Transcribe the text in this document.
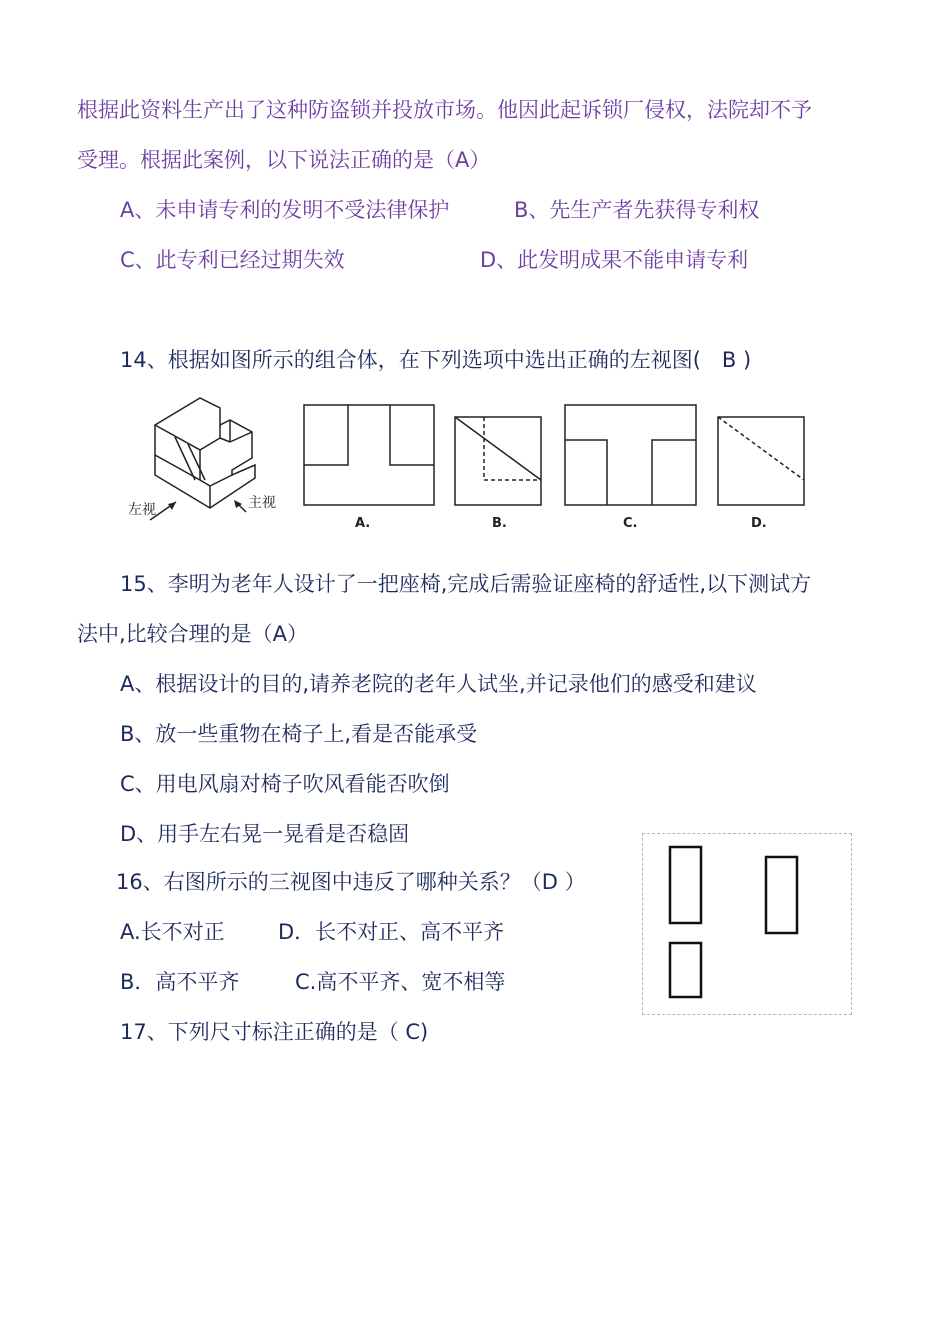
根据此资料生产出了这种防盗锁并投放市场。他因此起诉锁厂侵权，法院却不予
受理。根据此案例，以下说法正确的是（A）
A、未申请专利的发明不受法律保护	B、先生产者先获得专利权
C、此专利已经过期失效	D、此发明成果不能申请专利
14、根据如图所示的组合体，在下列选项中选出正确的左视图(　B )
左视	主视
A.	B.	C.	D.
15、李明为老年人设计了一把座椅,完成后需验证座椅的舒适性,以下测试方
法中,比较合理的是（A）
A、根据设计的目的,请养老院的老年人试坐,并记录他们的感受和建议
B、放一些重物在椅子上,看是否能承受
C、用电风扇对椅子吹风看能否吹倒
D、用手左右晃一晃看是否稳固
16、右图所示的三视图中违反了哪种关系？（D ）
A.长不对正	D．长不对正、高不平齐
B．高不平齐	C.高不平齐、宽不相等
17、下列尺寸标注正确的是（ C)
